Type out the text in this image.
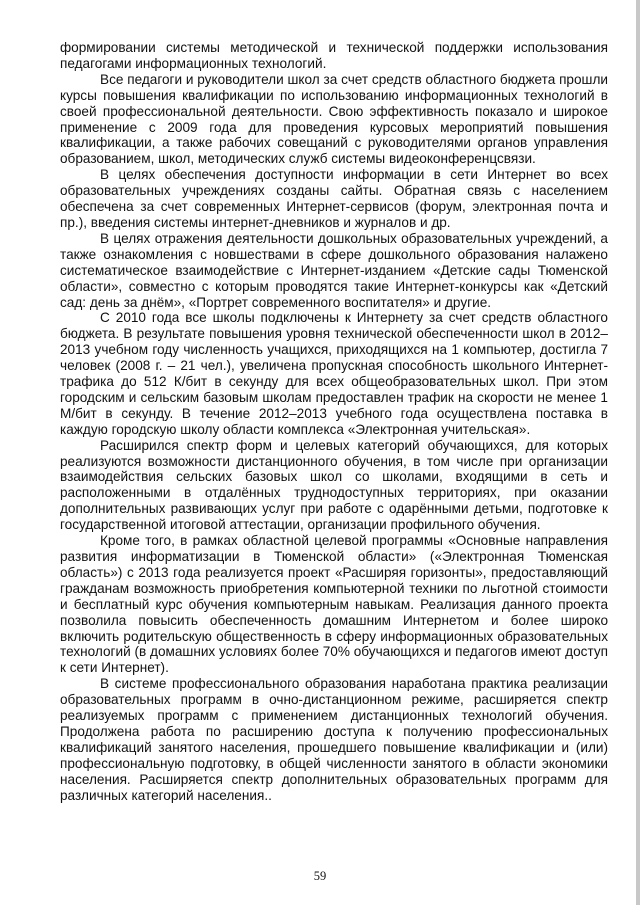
формировании системы методической и технической поддержки использования педагогами информационных технологий.

Все педагоги и руководители школ за счет средств областного бюджета прошли курсы повышения квалификации по использованию информационных технологий в своей профессиональной деятельности. Свою эффективность показало и широкое применение с 2009 года для проведения курсовых мероприятий повышения квалификации, а также рабочих совещаний с руководителями органов управления образованием, школ, методических служб системы видеоконференцсвязи.

В целях обеспечения доступности информации в сети Интернет во всех образовательных учреждениях созданы сайты. Обратная связь с населением обеспечена за счет современных Интернет-сервисов (форум, электронная почта и пр.), введения системы интернет-дневников и журналов и др.

В целях отражения деятельности дошкольных образовательных учреждений, а также ознакомления с новшествами в сфере дошкольного образования налажено систематическое взаимодействие с Интернет-изданием «Детские сады Тюменской области», совместно с которым проводятся такие Интернет-конкурсы как «Детский сад: день за днём», «Портрет современного воспитателя» и другие.

С 2010 года все школы подключены к Интернету за счет средств областного бюджета. В результате повышения уровня технической обеспеченности школ в 2012–2013 учебном году численность учащихся, приходящихся на 1 компьютер, достигла 7 человек (2008 г. – 21 чел.), увеличена пропускная способность школьного Интернет-трафика до 512 К/бит в секунду для всех общеобразовательных школ. При этом городским и сельским базовым школам предоставлен трафик на скорости не менее 1 М/бит в секунду. В течение 2012–2013 учебного года осуществлена поставка в каждую городскую школу области комплекса «Электронная учительская».

Расширился спектр форм и целевых категорий обучающихся, для которых реализуются возможности дистанционного обучения, в том числе при организации взаимодействия сельских базовых школ со школами, входящими в сеть и расположенными в отдалённых труднодоступных территориях, при оказании дополнительных развивающих услуг при работе с одарёнными детьми, подготовке к государственной итоговой аттестации, организации профильного обучения.

Кроме того, в рамках областной целевой программы «Основные направления развития информатизации в Тюменской области» («Электронная Тюменская область») с 2013 года реализуется проект «Расширяя горизонты», предоставляющий гражданам возможность приобретения компьютерной техники по льготной стоимости и бесплатный курс обучения компьютерным навыкам. Реализация данного проекта позволила повысить обеспеченность домашним Интернетом и более широко включить родительскую общественность в сферу информационных образовательных технологий (в домашних условиях более 70% обучающихся и педагогов имеют доступ к сети Интернет).

В системе профессионального образования наработана практика реализации образовательных программ в очно-дистанционном режиме, расширяется спектр реализуемых программ с применением дистанционных технологий обучения. Продолжена работа по расширению доступа к получению профессиональных квалификаций занятого населения, прошедшего повышение квалификации и (или) профессиональную подготовку, в общей численности занятого в области экономики населения. Расширяется спектр дополнительных образовательных программ для различных категорий населения..

59
